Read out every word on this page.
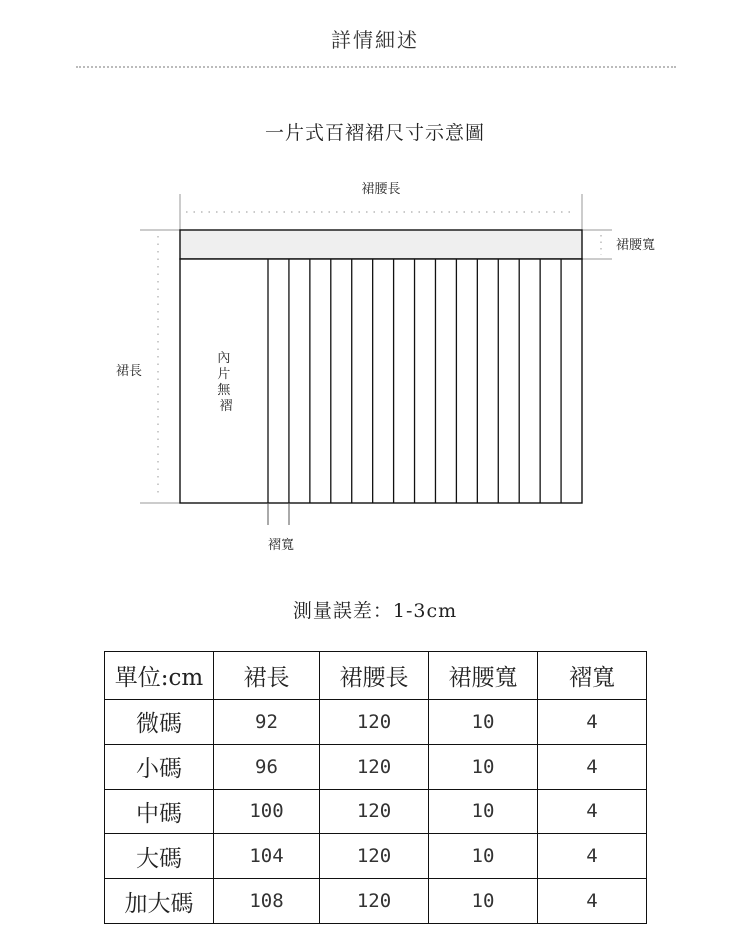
詳情細述
一片式百褶裙尺寸示意圖
裙腰長
裙長
裙腰寬
內 片 無 褶
褶寬
測量誤差：1-3cm
單位:cm	裙長	裙腰長	裙腰寬	褶寬
微碼	92	120	10	4
小碼	96	120	10	4
中碼	100	120	10	4
大碼	104	120	10	4
加大碼	108	120	10	4
